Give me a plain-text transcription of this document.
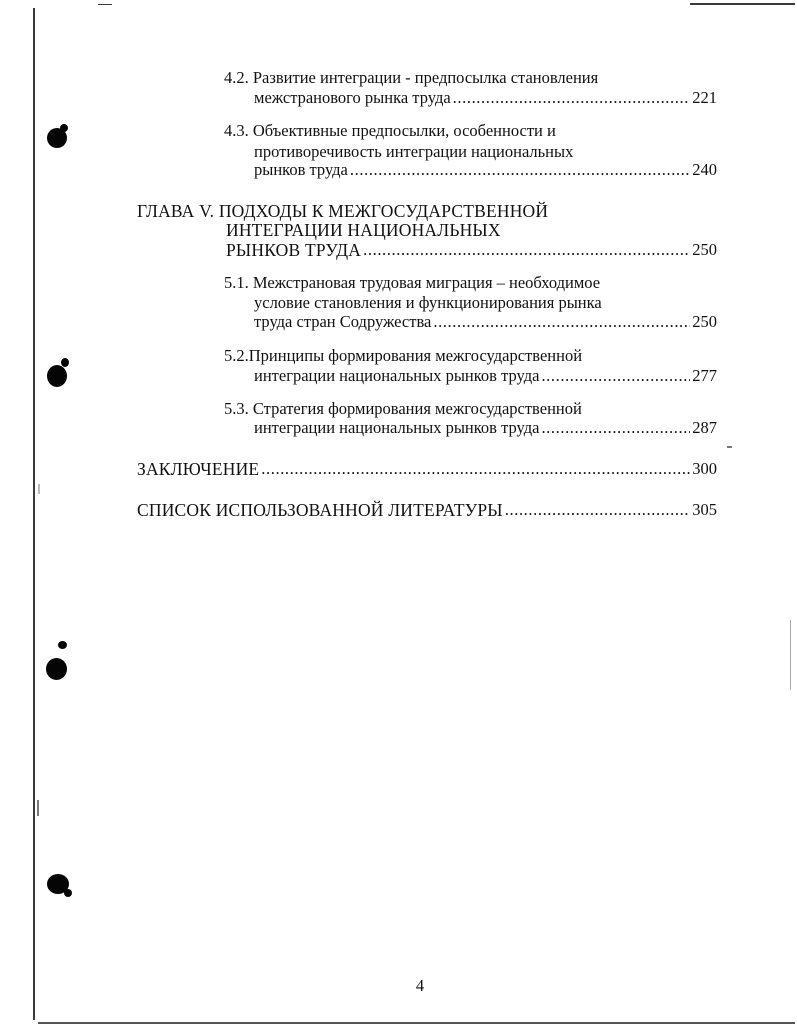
4.2. Развитие интеграции - предпосылка становления
межстранового рынка труда .....	221
4.3. Объективные предпосылки, особенности и
противоречивость интеграции национальных
рынков труда .....	240
ГЛАВА V. ПОДХОДЫ К МЕЖГОСУДАРСТВЕННОЙ
ИНТЕГРАЦИИ НАЦИОНАЛЬНЫХ
РЫНКОВ ТРУДА .....	250
5.1. Межстрановая трудовая миграция – необходимое
условие становления и функционирования рынка
труда стран Содружества .....	250
5.2.Принципы формирования межгосударственной
интеграции национальных рынков труда .....	277
5.3. Стратегия формирования межгосударственной
интеграции национальных рынков труда .....	287
ЗАКЛЮЧЕНИЕ .....	300
СПИСОК ИСПОЛЬЗОВАННОЙ ЛИТЕРАТУРЫ .....	305
4
